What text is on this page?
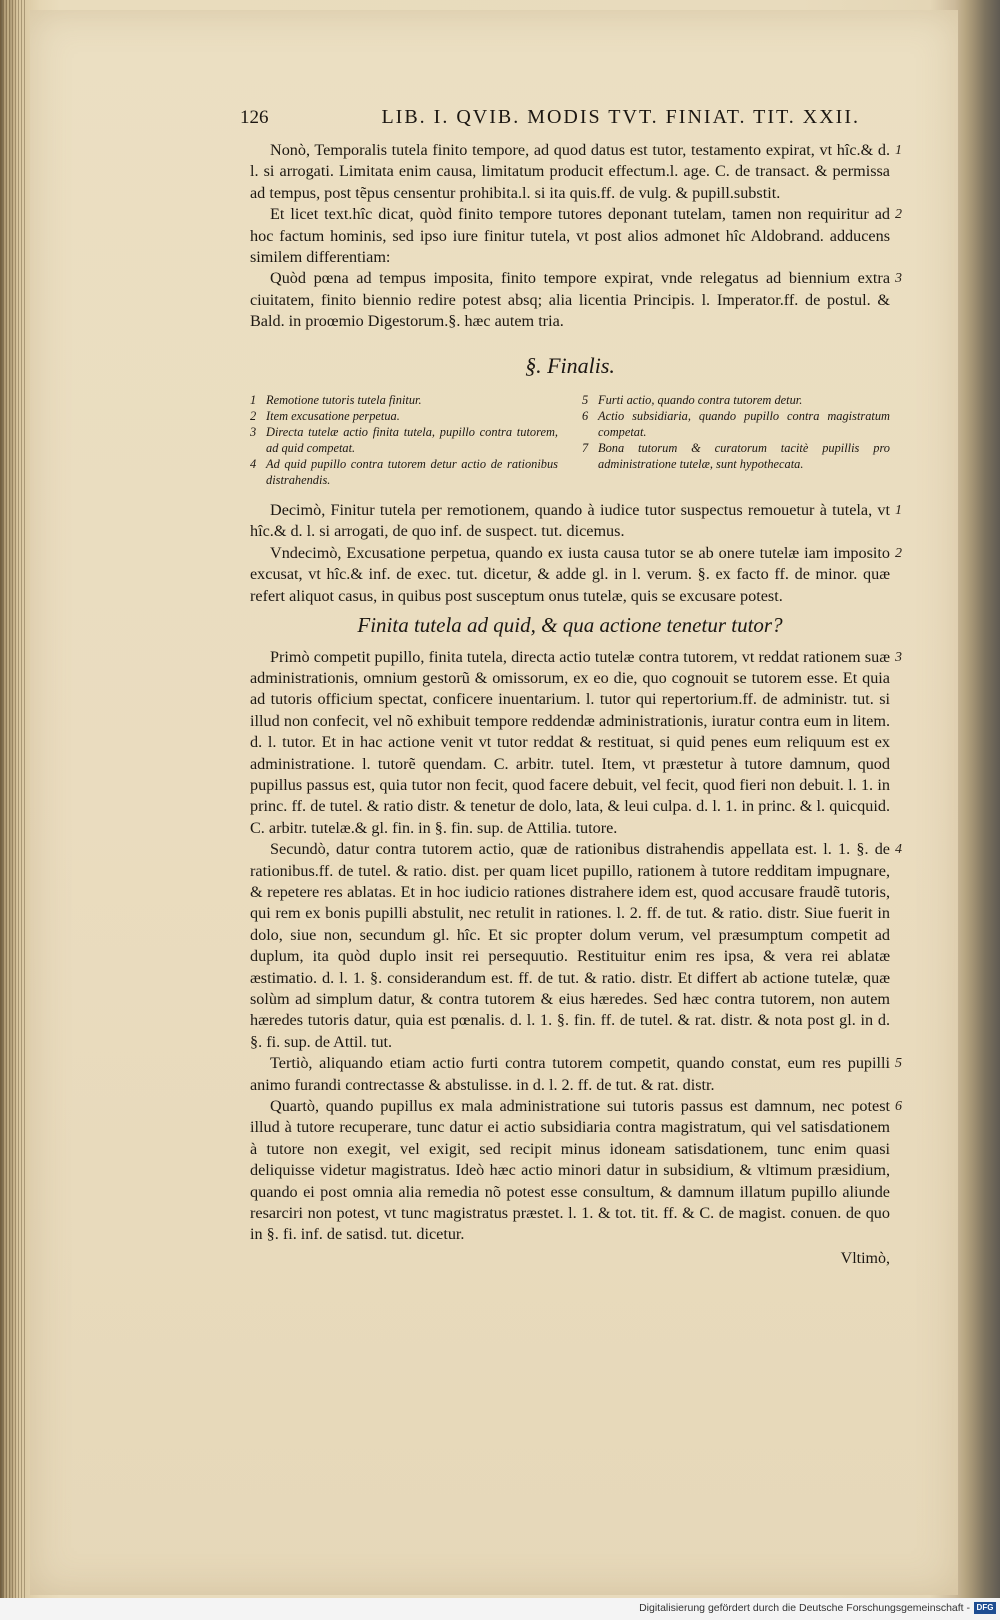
126	LIB. I. QVIB. MODIS TVT. FINIAT. TIT. XXII.

Nonò, Temporalis tutela finito tempore, ad quod datus est tutor, testamento expirat, vt hîc.& d. l. si arrogati. Limitata enim causa, limitatum producit effectum.l. age. C. de transact. & permissa ad tempus, post tẽpus censentur prohibita.l. si ita quis.ff. de vulg. & pupill.substit.

1

Et licet text.hîc dicat, quòd finito tempore tutores deponant tutelam, tamen non requiritur ad hoc factum hominis, sed ipso iure finitur tutela, vt post alios admonet hîc Aldobrand. adducens similem differentiam:

2

Quòd pœna ad tempus imposita, finito tempore expirat, vnde relegatus ad biennium extra ciuitatem, finito biennio redire potest absq; alia licentia Principis. l. Imperator.ff. de postul. & Bald. in proœmio Digestorum.§. hæc autem tria.

3
§. Finalis.
1 Remotione tutoris tutela finitur.
2 Item excusatione perpetua.
3 Directa tutelæ actio finita tutela, pupillo contra tutorem, ad quid competat.
4 Ad quid pupillo contra tutorem detur actio de rationibus distrahendis.
5 Furti actio, quando contra tutorem detur.
6 Actio subsidiaria, quando pupillo contra magistratum competat.
7 Bona tutorum & curatorum tacitè pupillis pro administratione tutelæ, sunt hypothecata.

Decimò, Finitur tutela per remotionem, quando à iudice tutor suspectus remouetur à tutela, vt hîc.& d. l. si arrogati, de quo inf. de suspect. tut. dicemus.

1

Vndecimò, Excusatione perpetua, quando ex iusta causa tutor se ab onere tutelæ iam imposito excusat, vt hîc.& inf. de exec. tut. dicetur, & adde gl. in l. verum. §. ex facto ff. de minor. quæ refert aliquot casus, in quibus post susceptum onus tutelæ, quis se excusare potest.

2
Finita tutela ad quid, & qua actione tenetur tutor?

Primò competit pupillo, finita tutela, directa actio tutelæ contra tutorem, vt reddat rationem suæ administrationis, omnium gestorũ & omissorum, ex eo die, quo cognouit se tutorem esse. Et quia ad tutoris officium spectat, conficere inuentarium. l. tutor qui repertorium.ff. de administr. tut. si illud non confecit, vel nõ exhibuit tempore reddendæ administrationis, iuratur contra eum in litem. d. l. tutor. Et in hac actione venit vt tutor reddat & restituat, si quid penes eum reliquum est ex administratione. l. tutorẽ quendam. C. arbitr. tutel. Item, vt præstetur à tutore damnum, quod pupillus passus est, quia tutor non fecit, quod facere debuit, vel fecit, quod fieri non debuit. l. 1. in princ. ff. de tutel. & ratio distr. & tenetur de dolo, lata, & leui culpa. d. l. 1. in princ. & l. quicquid. C. arbitr. tutelæ.& gl. fin. in §. fin. sup. de Attilia. tutore.

3

Secundò, datur contra tutorem actio, quæ de rationibus distrahendis appellata est. l. 1. §. de rationibus.ff. de tutel. & ratio. dist. per quam licet pupillo, rationem à tutore redditam impugnare, & repetere res ablatas. Et in hoc iudicio rationes distrahere idem est, quod accusare fraudẽ tutoris, qui rem ex bonis pupilli abstulit, nec retulit in rationes. l. 2. ff. de tut. & ratio. distr. Siue fuerit in dolo, siue non, secundum gl. hîc. Et sic propter dolum verum, vel præsumptum competit ad duplum, ita quòd duplo insit rei persequutio. Restituitur enim res ipsa, & vera rei ablatæ æstimatio. d. l. 1. §. considerandum est. ff. de tut. & ratio. distr. Et differt ab actione tutelæ, quæ solùm ad simplum datur, & contra tutorem & eius hæredes. Sed hæc contra tutorem, non autem hæredes tutoris datur, quia est pœnalis. d. l. 1. §. fin. ff. de tutel. & rat. distr. & nota post gl. in d. §. fi. sup. de Attil. tut.

4

Tertiò, aliquando etiam actio furti contra tutorem competit, quando constat, eum res pupilli animo furandi contrectasse & abstulisse. in d. l. 2. ff. de tut. & rat. distr.

5

Quartò, quando pupillus ex mala administratione sui tutoris passus est damnum, nec potest illud à tutore recuperare, tunc datur ei actio subsidiaria contra magistratum, qui vel satisdationem à tutore non exegit, vel exigit, sed recipit minus idoneam satisdationem, tunc enim quasi deliquisse videtur magistratus. Ideò hæc actio minori datur in subsidium, & vltimum præsidium, quando ei post omnia alia remedia nõ potest esse consultum, & damnum illatum pupillo aliunde resarciri non potest, vt tunc magistratus præstet. l. 1. & tot. tit. ff. & C. de magist. conuen. de quo in §. fi. inf. de satisd. tut. dicetur.

6
Vltimò,
Digitalisierung gefördert durch die Deutsche Forschungsgemeinschaft - DFG
